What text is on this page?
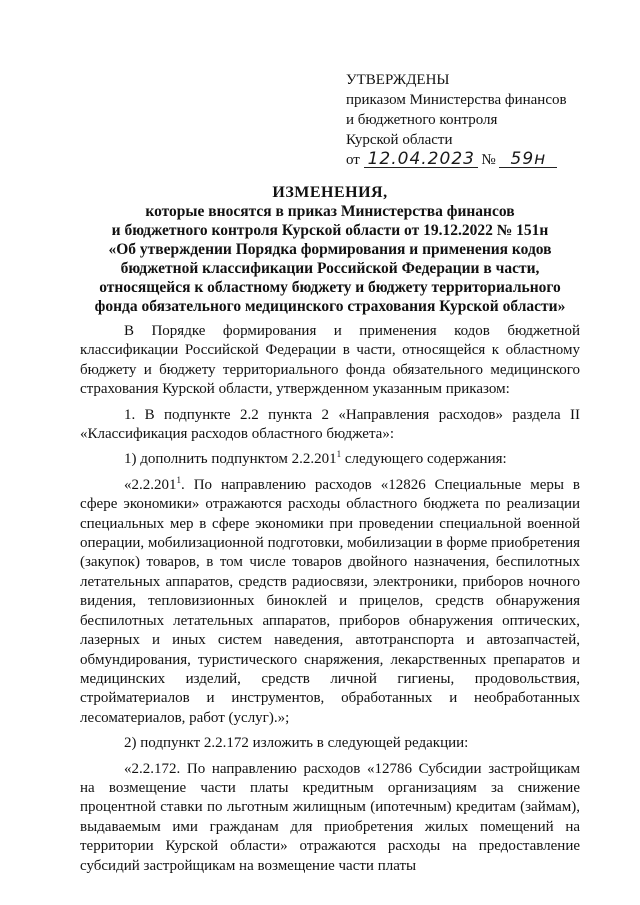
УТВЕРЖДЕНЫ
приказом Министерства финансов
и бюджетного контроля
Курской области
от 12.04.2023 № 59н
ИЗМЕНЕНИЯ,
которые вносятся в приказ Министерства финансов
и бюджетного контроля Курской области от 19.12.2022 № 151н
«Об утверждении Порядка формирования и применения кодов
бюджетной классификации Российской Федерации в части,
относящейся к областному бюджету и бюджету территориального
фонда обязательного медицинского страхования Курской области»

В Порядке формирования и применения кодов бюджетной классификации Российской Федерации в части, относящейся к областному бюджету и бюджету территориального фонда обязательного медицинского страхования Курской области, утвержденном указанным приказом:

1. В подпункте 2.2 пункта 2 «Направления расходов» раздела II «Классификация расходов областного бюджета»:

1) дополнить подпунктом 2.2.201$^1$ следующего содержания:

«2.2.201$^1$. По направлению расходов «12826 Специальные меры в сфере экономики» отражаются расходы областного бюджета по реализации специальных мер в сфере экономики при проведении специальной военной операции, мобилизационной подготовки, мобилизации в форме приобретения (закупок) товаров, в том числе товаров двойного назначения, беспилотных летательных аппаратов, средств радиосвязи, электроники, приборов ночного видения, тепловизионных биноклей и прицелов, средств обнаружения беспилотных летательных аппаратов, приборов обнаружения оптических, лазерных и иных систем наведения, автотранспорта и автозапчастей, обмундирования, туристического снаряжения, лекарственных препаратов и медицинских изделий, средств личной гигиены, продовольствия, стройматериалов и инструментов, обработанных и необработанных лесоматериалов, работ (услуг).»;

2) подпункт 2.2.172 изложить в следующей редакции:

«2.2.172. По направлению расходов «12786 Субсидии застройщикам на возмещение части платы кредитным организациям за снижение процентной ставки по льготным жилищным (ипотечным) кредитам (займам), выдаваемым ими гражданам для приобретения жилых помещений на территории Курской области» отражаются расходы на предоставление субсидий застройщикам на возмещение части платы
